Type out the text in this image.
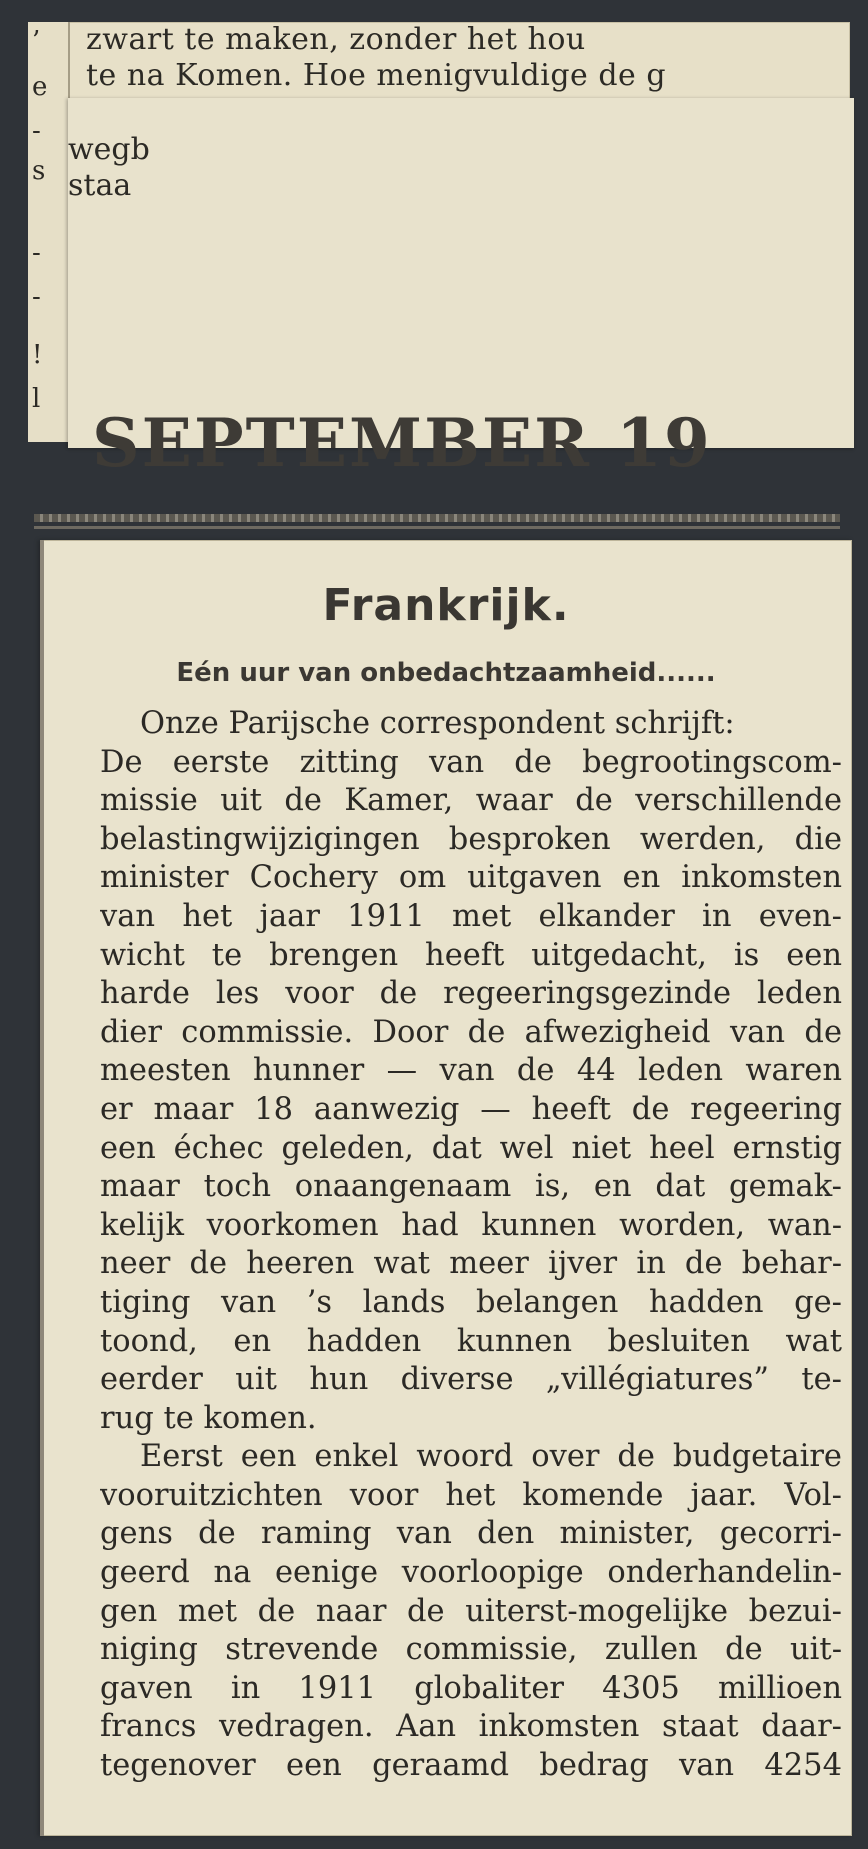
zwart te maken, zonder het hou
te na Komen. Hoe menigvuldige de g
’
e
-
s
-
-
!
l
wegb
staa
SEPTEMBER 19
Frankrijk.
Eén uur van onbedachtzaamheid......
Onze Parijsche correspondent schrijft:
De eerste zitting van de begrootingscom-
missie uit de Kamer, waar de verschillende
belastingwijzigingen besproken werden, die
minister Cochery om uitgaven en inkomsten
van het jaar 1911 met elkander in even-
wicht te brengen heeft uitgedacht, is een
harde les voor de regeeringsgezinde leden
dier commissie. Door de afwezigheid van de
meesten hunner — van de 44 leden waren
er maar 18 aanwezig — heeft de regeering
een échec geleden, dat wel niet heel ernstig
maar toch onaangenaam is, en dat gemak-
kelijk voorkomen had kunnen worden, wan-
neer de heeren wat meer ijver in de behar-
tiging van ’s lands belangen hadden ge-
toond, en hadden kunnen besluiten wat
eerder uit hun diverse „villégiatures” te-
rug te komen.
Eerst een enkel woord over de budgetaire
vooruitzichten voor het komende jaar. Vol-
gens de raming van den minister, gecorri-
geerd na eenige voorloopige onderhandelin-
gen met de naar de uiterst-mogelijke bezui-
niging strevende commissie, zullen de uit-
gaven in 1911 globaliter 4305 millioen
francs vedragen. Aan inkomsten staat daar-
tegenover een geraamd bedrag van 4254
